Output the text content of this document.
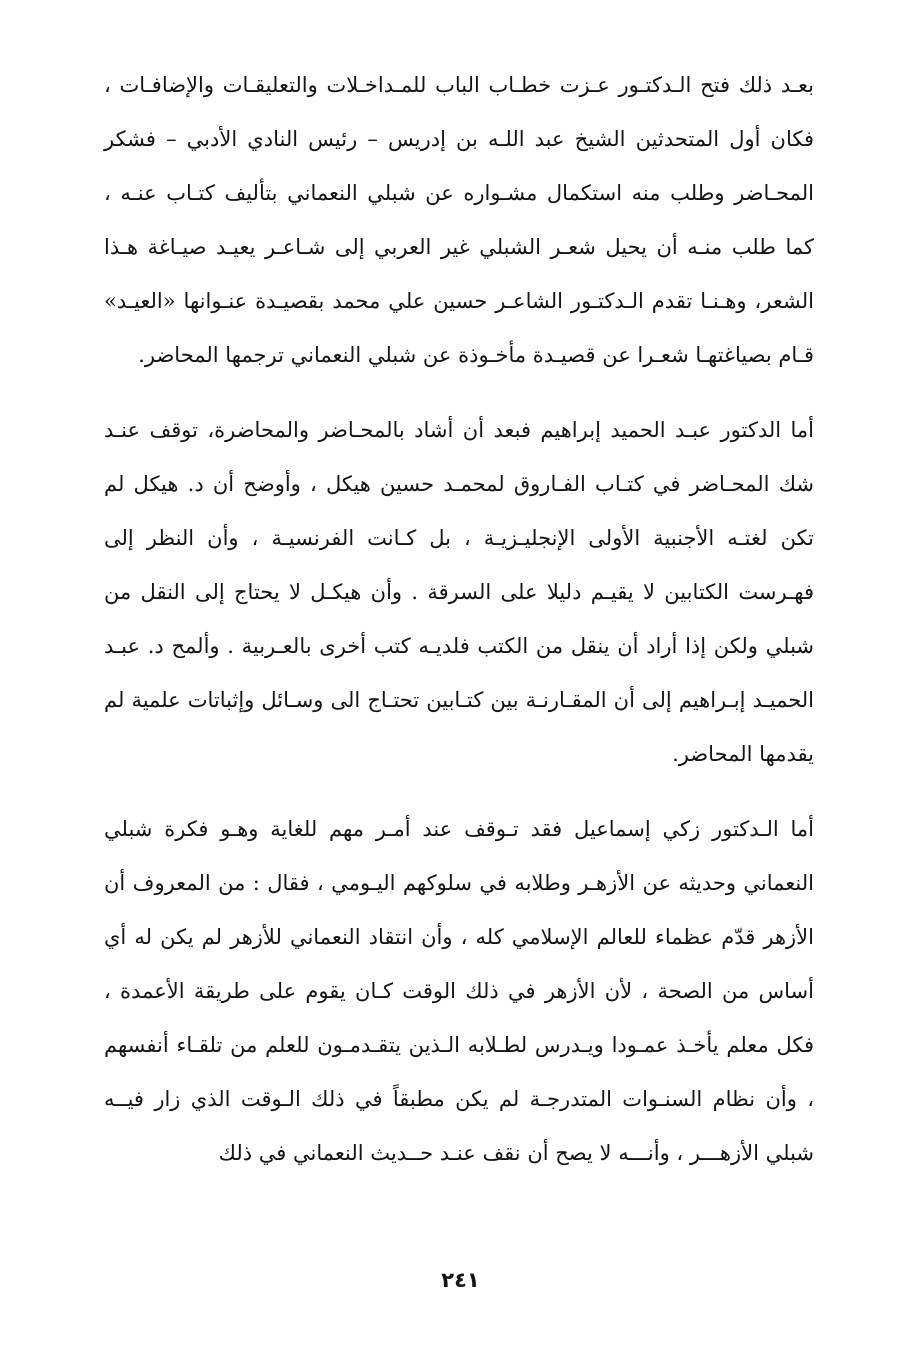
بعـد ذلك فتح الـدكتـور عـزت خطـاب الباب للمـداخـلات والتعليقـات والإضافـات ، فكان أول المتحدثين الشيخ عبد اللـه بن إدريس – رئيس النادي الأدبي – فشكر المحـاضر وطلب منه استكمال مشـواره عن شبلي النعماني بتأليف كتـاب عنـه ، كما طلب منـه أن يحيل شعـر الشبلي غير العربي إلى شـاعـر يعيـد صيـاغة هـذا الشعر، وهـنـا تقدم الـدكتـور الشاعـر حسين علي محمد بقصيـدة عنـوانها «العيـد» قـام بصياغتهـا شعـرا عن قصيـدة مأخـوذة عن شبلي النعماني ترجمها المحاضر.

أما الدكتور عبـد الحميد إبراهيم فبعد أن أشاد بالمحـاضر والمحاضرة، توقف عنـد شك المحـاضر في كتـاب الفـاروق لمحمـد حسين هيكل ، وأوضح أن د. هيكل لم تكن لغتـه الأجنبية الأولى الإنجليـزيـة ، بل كـانت الفرنسيـة ، وأن النظر إلى فهـرست الكتابين لا يقيـم دليلا على السرقة . وأن هيكـل لا يحتاج إلى النقل من شبلي ولكن إذا أراد أن ينقل من الكتب فلديـه كتب أخرى بالعـربية . وألمح د. عبـد الحميـد إبـراهيم إلى أن المقـارنـة بين كتـابين تحتـاج الى وسـائل وإثباتات علمية لم يقدمها المحاضر.

أما الـدكتور زكي إسماعيل فقد تـوقف عند أمـر مهم للغاية وهـو فكرة شبلي النعماني وحديثه عن الأزهـر وطلابه في سلوكهم اليـومي ، فقال : من المعروف أن الأزهر قدّم عظماء للعالم الإسلامي كله ، وأن انتقاد النعماني للأزهر لم يكن له أي أساس من الصحة ، لأن الأزهر في ذلك الوقت كـان يقوم على طريقة الأعمدة ، فكل معلم يأخـذ عمـودا ويـدرس لطـلابه الـذين يتقـدمـون للعلم من تلقـاء أنفسهم ، وأن نظام السنـوات المتدرجـة لم يكن مطبقاً في ذلك الـوقت الذي زار فيــه شبلي الأزهـــر ، وأنـــه لا يصح أن نقف عنـد حــديث النعماني في ذلك

٢٤١
